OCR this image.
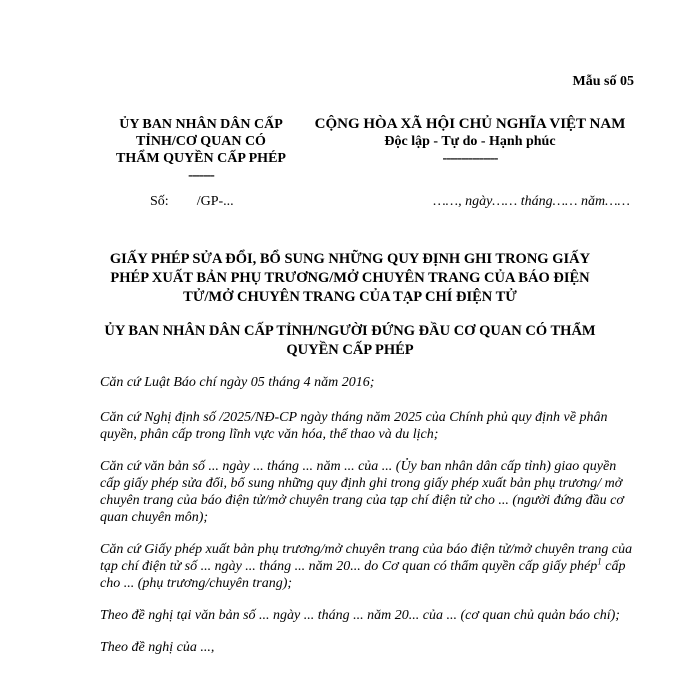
Mẫu số 05
ỦY BAN NHÂN DÂN CẤP
TỈNH/CƠ QUAN CÓ
THẨM QUYỀN CẤP PHÉP
-------
CỘNG HÒA XÃ HỘI CHỦ NGHĨA VIỆT NAM
Độc lập - Tự do - Hạnh phúc
---------------
Số: /GP-...	……, ngày…… tháng…… năm……
GIẤY PHÉP SỬA ĐỔI, BỔ SUNG NHỮNG QUY ĐỊNH GHI TRONG GIẤY
PHÉP XUẤT BẢN PHỤ TRƯƠNG/MỞ CHUYÊN TRANG CỦA BÁO ĐIỆN
TỬ/MỞ CHUYÊN TRANG CỦA TẠP CHÍ ĐIỆN TỬ
ỦY BAN NHÂN DÂN CẤP TỈNH/NGƯỜI ĐỨNG ĐẦU CƠ QUAN CÓ THẨM
QUYỀN CẤP PHÉP

Căn cứ Luật Báo chí ngày 05 tháng 4 năm 2016;

Căn cứ Nghị định số /2025/NĐ-CP ngày tháng năm 2025 của Chính phủ quy định về phân quyền, phân cấp trong lĩnh vực văn hóa, thể thao và du lịch;

Căn cứ văn bản số ... ngày ... tháng ... năm ... của ... (Ủy ban nhân dân cấp tỉnh) giao quyền cấp giấy phép sửa đổi, bổ sung những quy định ghi trong giấy phép xuất bản phụ trương/ mở chuyên trang của báo điện tử/mở chuyên trang của tạp chí điện tử cho ... (người đứng đầu cơ quan chuyên môn);

Căn cứ Giấy phép xuất bản phụ trương/mở chuyên trang của báo điện tử/mở chuyên trang của tạp chí điện tử số ... ngày ... tháng ... năm 20... do Cơ quan có thẩm quyền cấp giấy phép$^1$ cấp cho ... (phụ trương/chuyên trang);

Theo đề nghị tại văn bản số ... ngày ... tháng ... năm 20... của ... (cơ quan chủ quản báo chí);

Theo đề nghị của ...,
